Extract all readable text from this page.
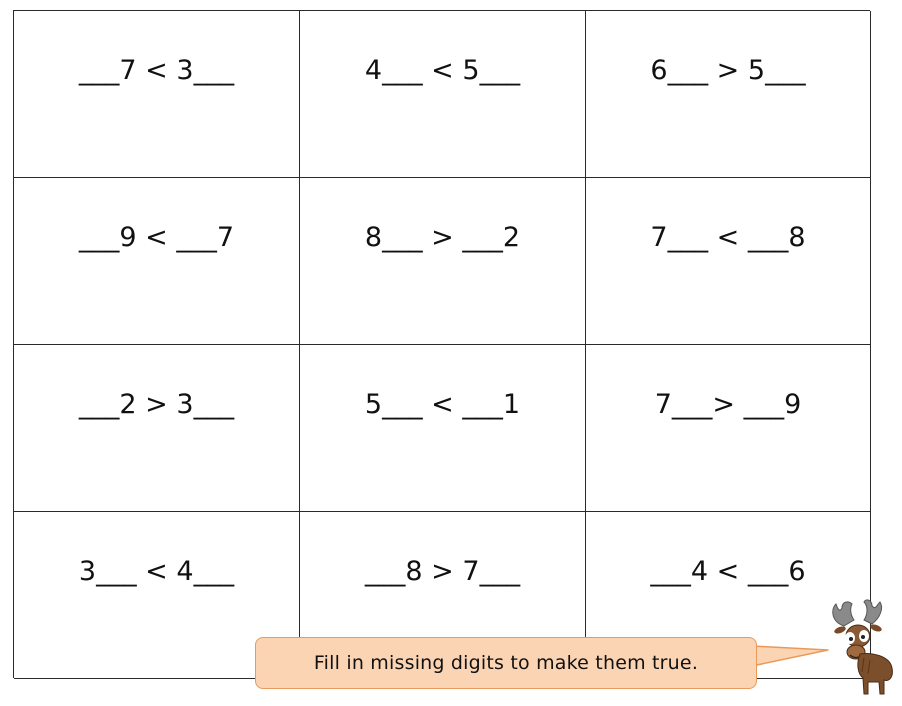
___7 < 3___	4___ < 5___	6___ > 5___
___9 < ___7	8___ > ___2	7___ < ___8
___2 > 3___	5___ < ___1	7___> ___9
3___ < 4___	___8 > 7___	___4 < ___6
Fill in missing digits to make them true.
